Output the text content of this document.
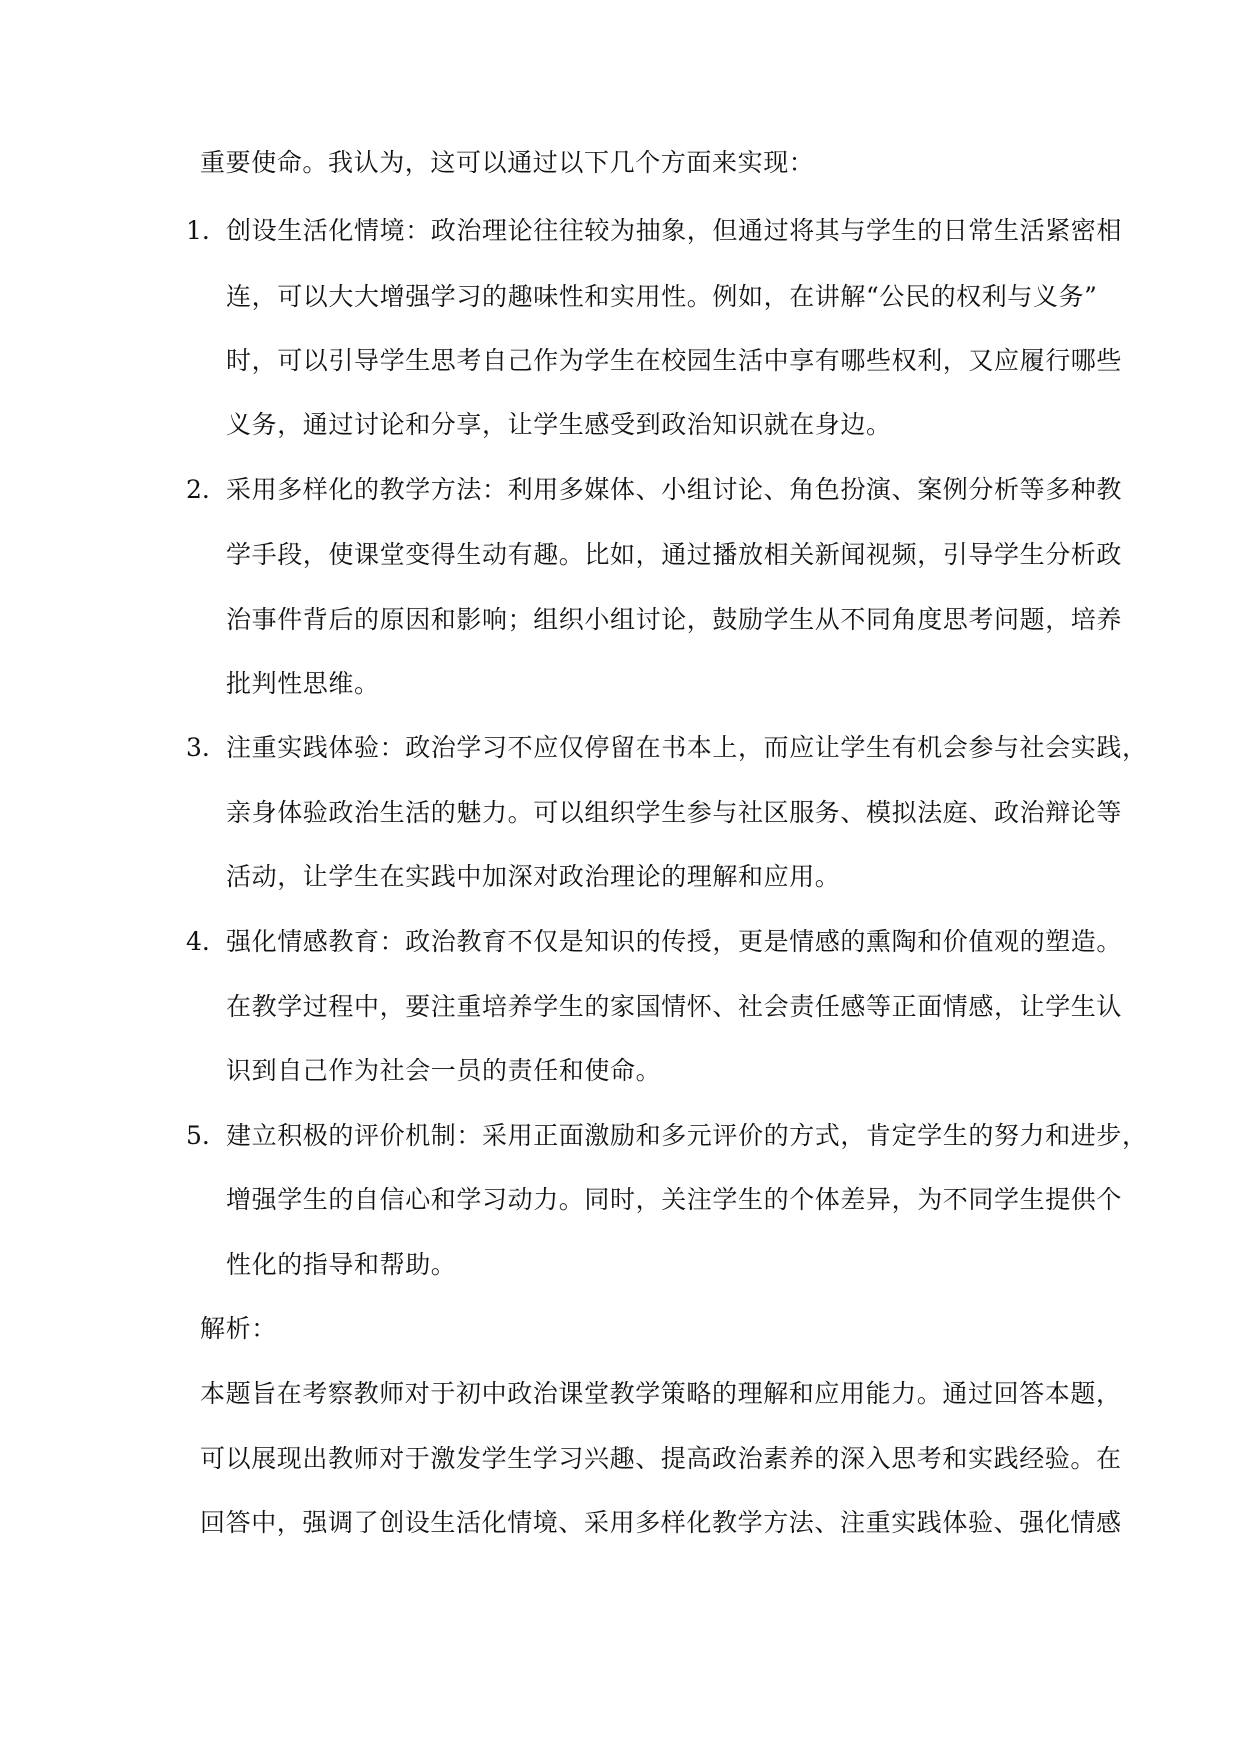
重要使命。我认为，这可以通过以下几个方面来实现：
1. 创设生活化情境：政治理论往往较为抽象，但通过将其与学生的日常生活紧密相
连，可以大大增强学习的趣味性和实用性。例如，在讲解“公民的权利与义务”
时，可以引导学生思考自己作为学生在校园生活中享有哪些权利，又应履行哪些
义务，通过讨论和分享，让学生感受到政治知识就在身边。
2. 采用多样化的教学方法：利用多媒体、小组讨论、角色扮演、案例分析等多种教
学手段，使课堂变得生动有趣。比如，通过播放相关新闻视频，引导学生分析政
治事件背后的原因和影响；组织小组讨论，鼓励学生从不同角度思考问题，培养
批判性思维。
3. 注重实践体验：政治学习不应仅停留在书本上，而应让学生有机会参与社会实践，
亲身体验政治生活的魅力。可以组织学生参与社区服务、模拟法庭、政治辩论等
活动，让学生在实践中加深对政治理论的理解和应用。
4. 强化情感教育：政治教育不仅是知识的传授，更是情感的熏陶和价值观的塑造。
在教学过程中，要注重培养学生的家国情怀、社会责任感等正面情感，让学生认
识到自己作为社会一员的责任和使命。
5. 建立积极的评价机制：采用正面激励和多元评价的方式，肯定学生的努力和进步，
增强学生的自信心和学习动力。同时，关注学生的个体差异，为不同学生提供个
性化的指导和帮助。
解析：
本题旨在考察教师对于初中政治课堂教学策略的理解和应用能力。通过回答本题，
可以展现出教师对于激发学生学习兴趣、提高政治素养的深入思考和实践经验。在
回答中，强调了创设生活化情境、采用多样化教学方法、注重实践体验、强化情感
